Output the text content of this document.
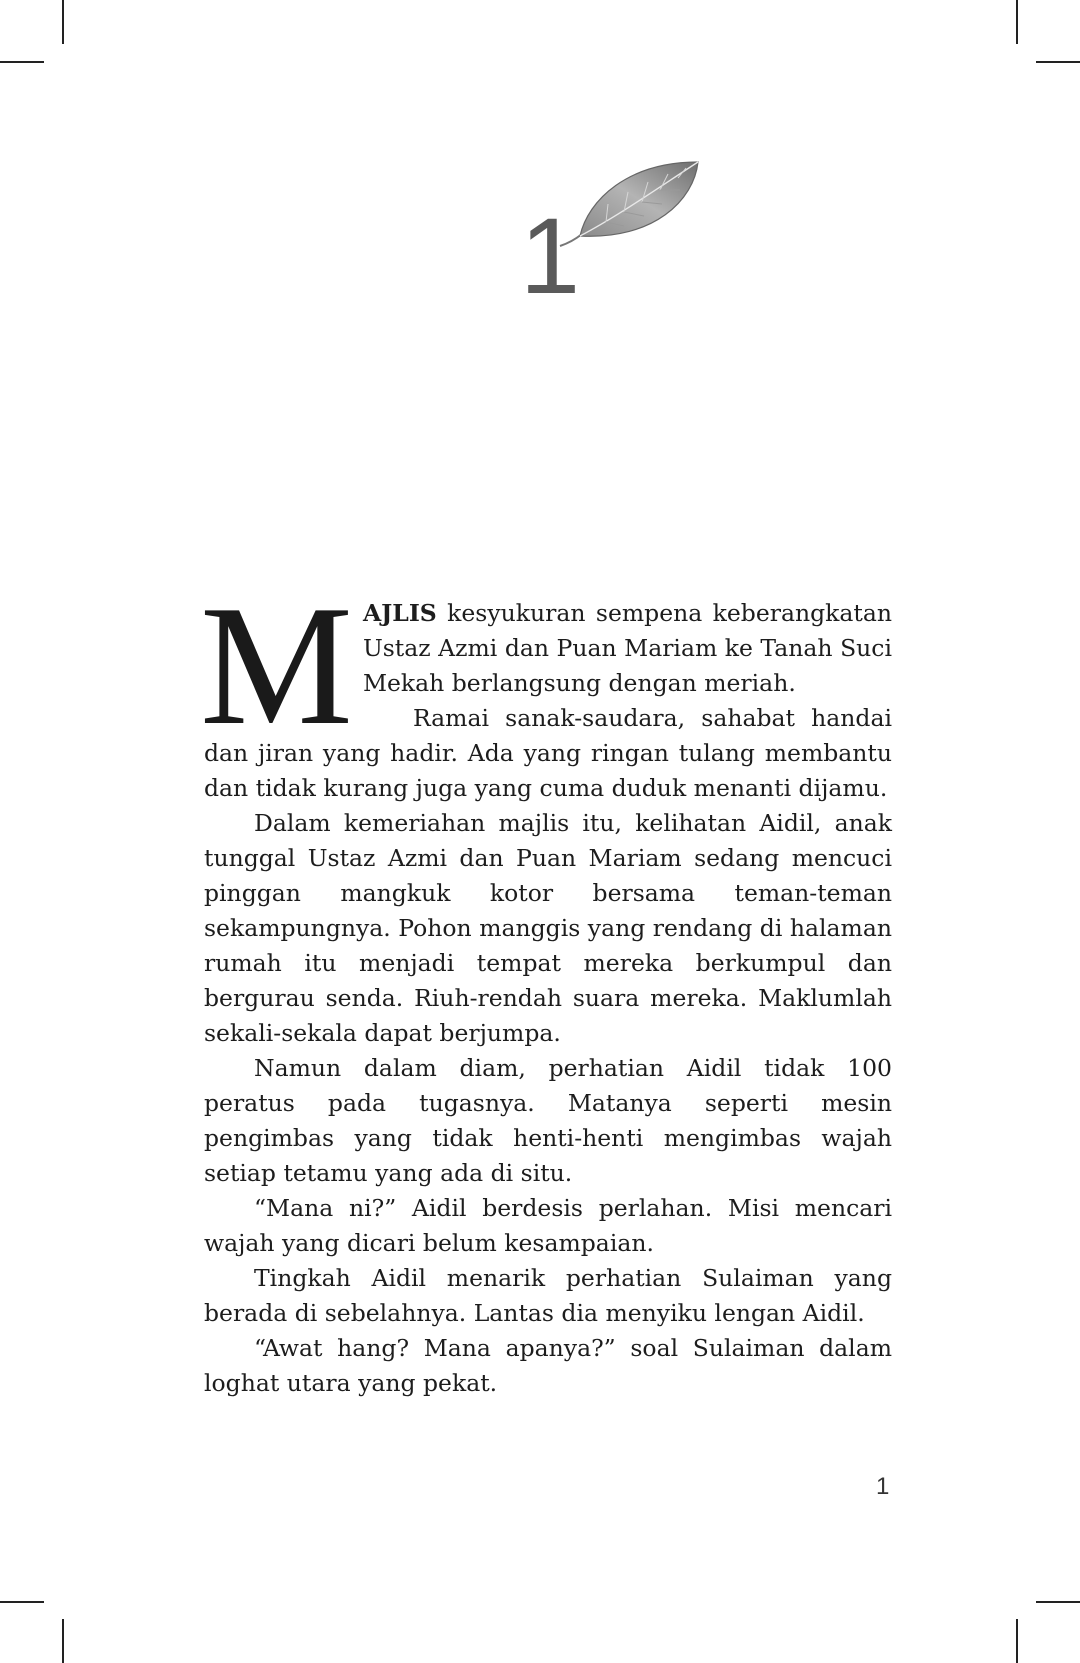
1

MAJLIS kesyukuran sempena keberangkatan Ustaz Azmi dan Puan Mariam ke Tanah Suci Mekah berlangsung dengan meriah.

Ramai sanak-saudara, sahabat handai dan jiran yang hadir. Ada yang ringan tulang membantu dan tidak kurang juga yang cuma duduk menanti dijamu.

Dalam kemeriahan majlis itu, kelihatan Aidil, anak tunggal Ustaz Azmi dan Puan Mariam sedang mencuci pinggan mangkuk kotor bersama teman-teman sekampungnya. Pohon manggis yang rendang di halaman rumah itu menjadi tempat mereka berkumpul dan bergurau senda. Riuh-rendah suara mereka. Maklumlah sekali-sekala dapat berjumpa.

Namun dalam diam, perhatian Aidil tidak 100 peratus pada tugasnya. Matanya seperti mesin pengimbas yang tidak henti-henti mengimbas wajah setiap tetamu yang ada di situ.

“Mana ni?” Aidil berdesis perlahan. Misi mencari wajah yang dicari belum kesampaian.

Tingkah Aidil menarik perhatian Sulaiman yang berada di sebelahnya. Lantas dia menyiku lengan Aidil.

“Awat hang? Mana apanya?” soal Sulaiman dalam loghat utara yang pekat.

1
